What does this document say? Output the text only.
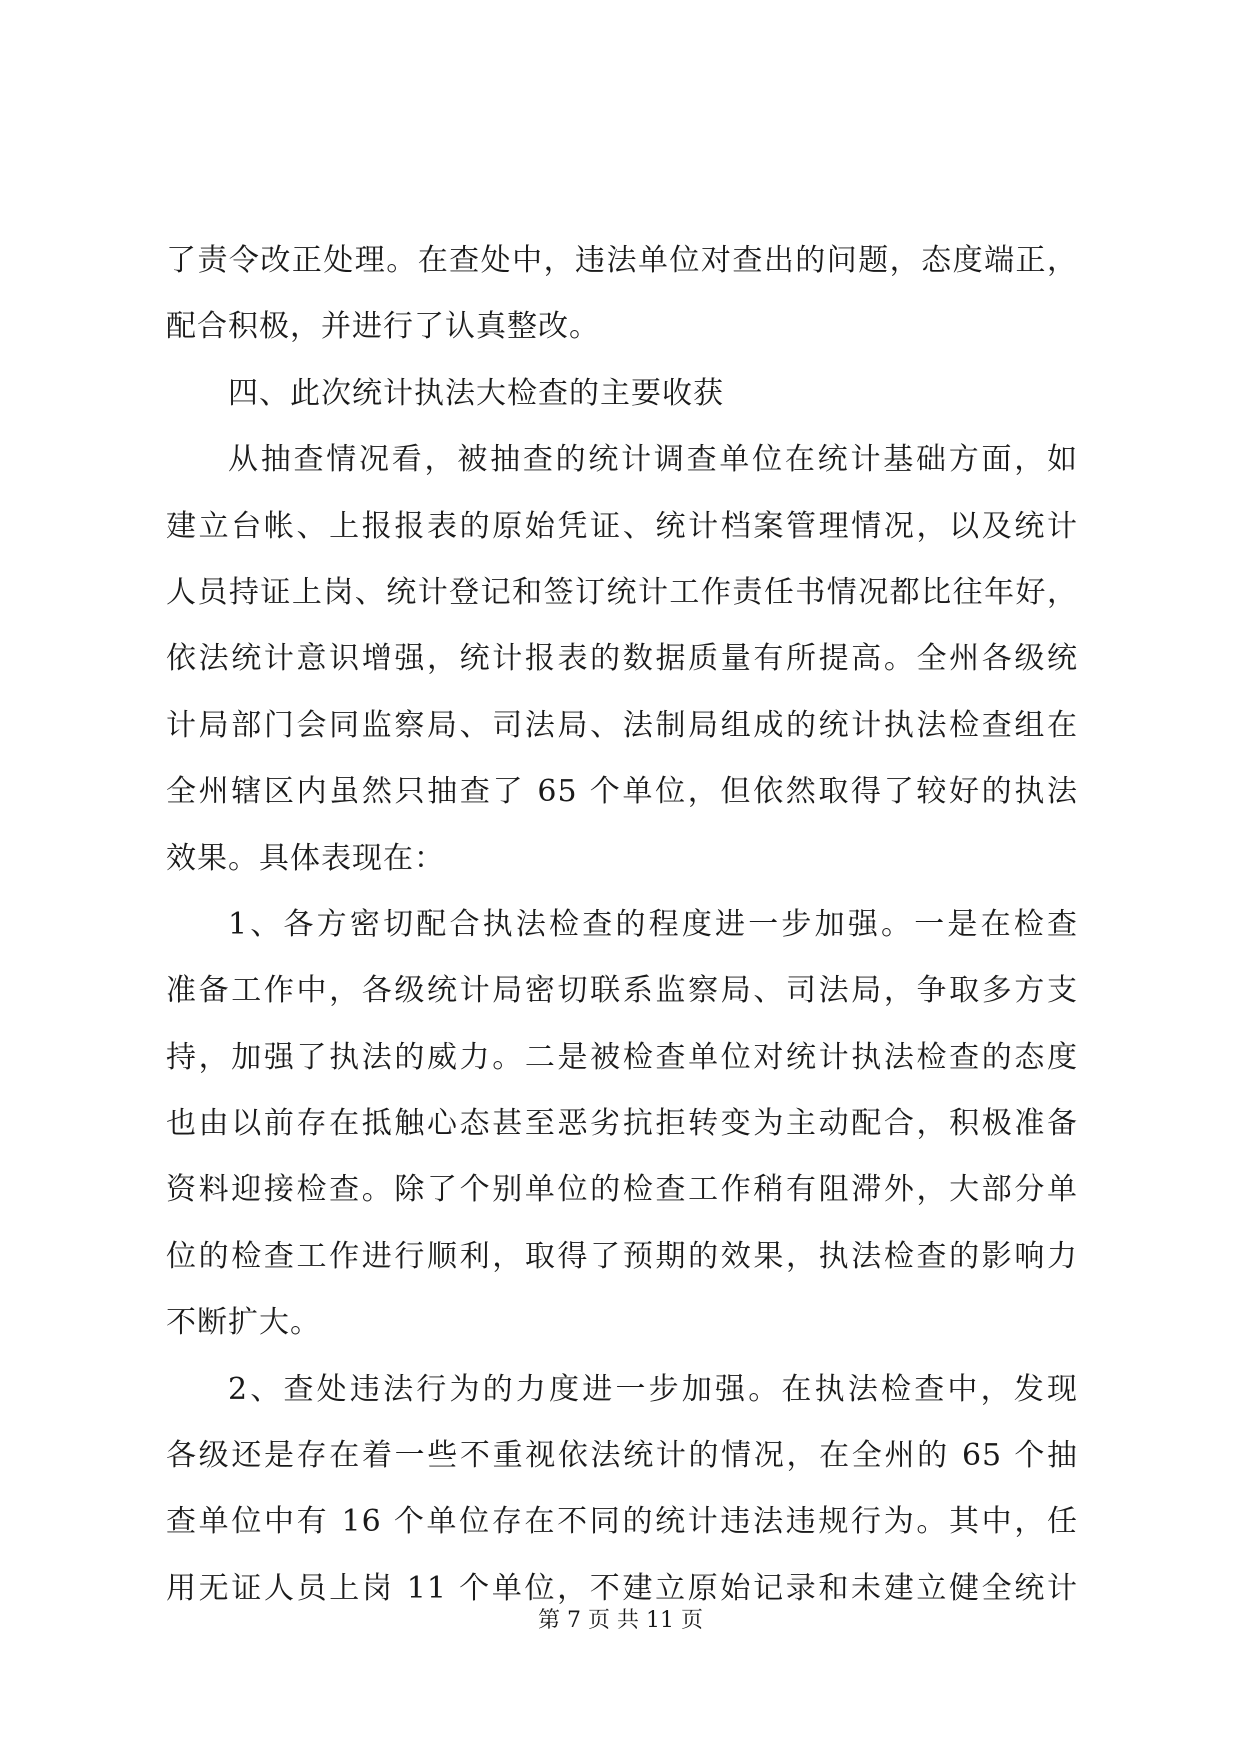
了责令改正处理。在查处中，违法单位对查出的问题，态度端正，
配合积极，并进行了认真整改。
四、此次统计执法大检查的主要收获
从抽查情况看，被抽查的统计调查单位在统计基础方面，如
建立台帐、上报报表的原始凭证、统计档案管理情况，以及统计
人员持证上岗、统计登记和签订统计工作责任书情况都比往年好，
依法统计意识增强，统计报表的数据质量有所提高。全州各级统
计局部门会同监察局、司法局、法制局组成的统计执法检查组在
全州辖区内虽然只抽查了 65 个单位，但依然取得了较好的执法
效果。具体表现在：
1、各方密切配合执法检查的程度进一步加强。一是在检查
准备工作中，各级统计局密切联系监察局、司法局，争取多方支
持，加强了执法的威力。二是被检查单位对统计执法检查的态度
也由以前存在抵触心态甚至恶劣抗拒转变为主动配合，积极准备
资料迎接检查。除了个别单位的检查工作稍有阻滞外，大部分单
位的检查工作进行顺利，取得了预期的效果，执法检查的影响力
不断扩大。
2、查处违法行为的力度进一步加强。在执法检查中，发现
各级还是存在着一些不重视依法统计的情况，在全州的 65 个抽
查单位中有 16 个单位存在不同的统计违法违规行为。其中，任
用无证人员上岗 11 个单位，不建立原始记录和未建立健全统计
第 7 页 共 11 页
